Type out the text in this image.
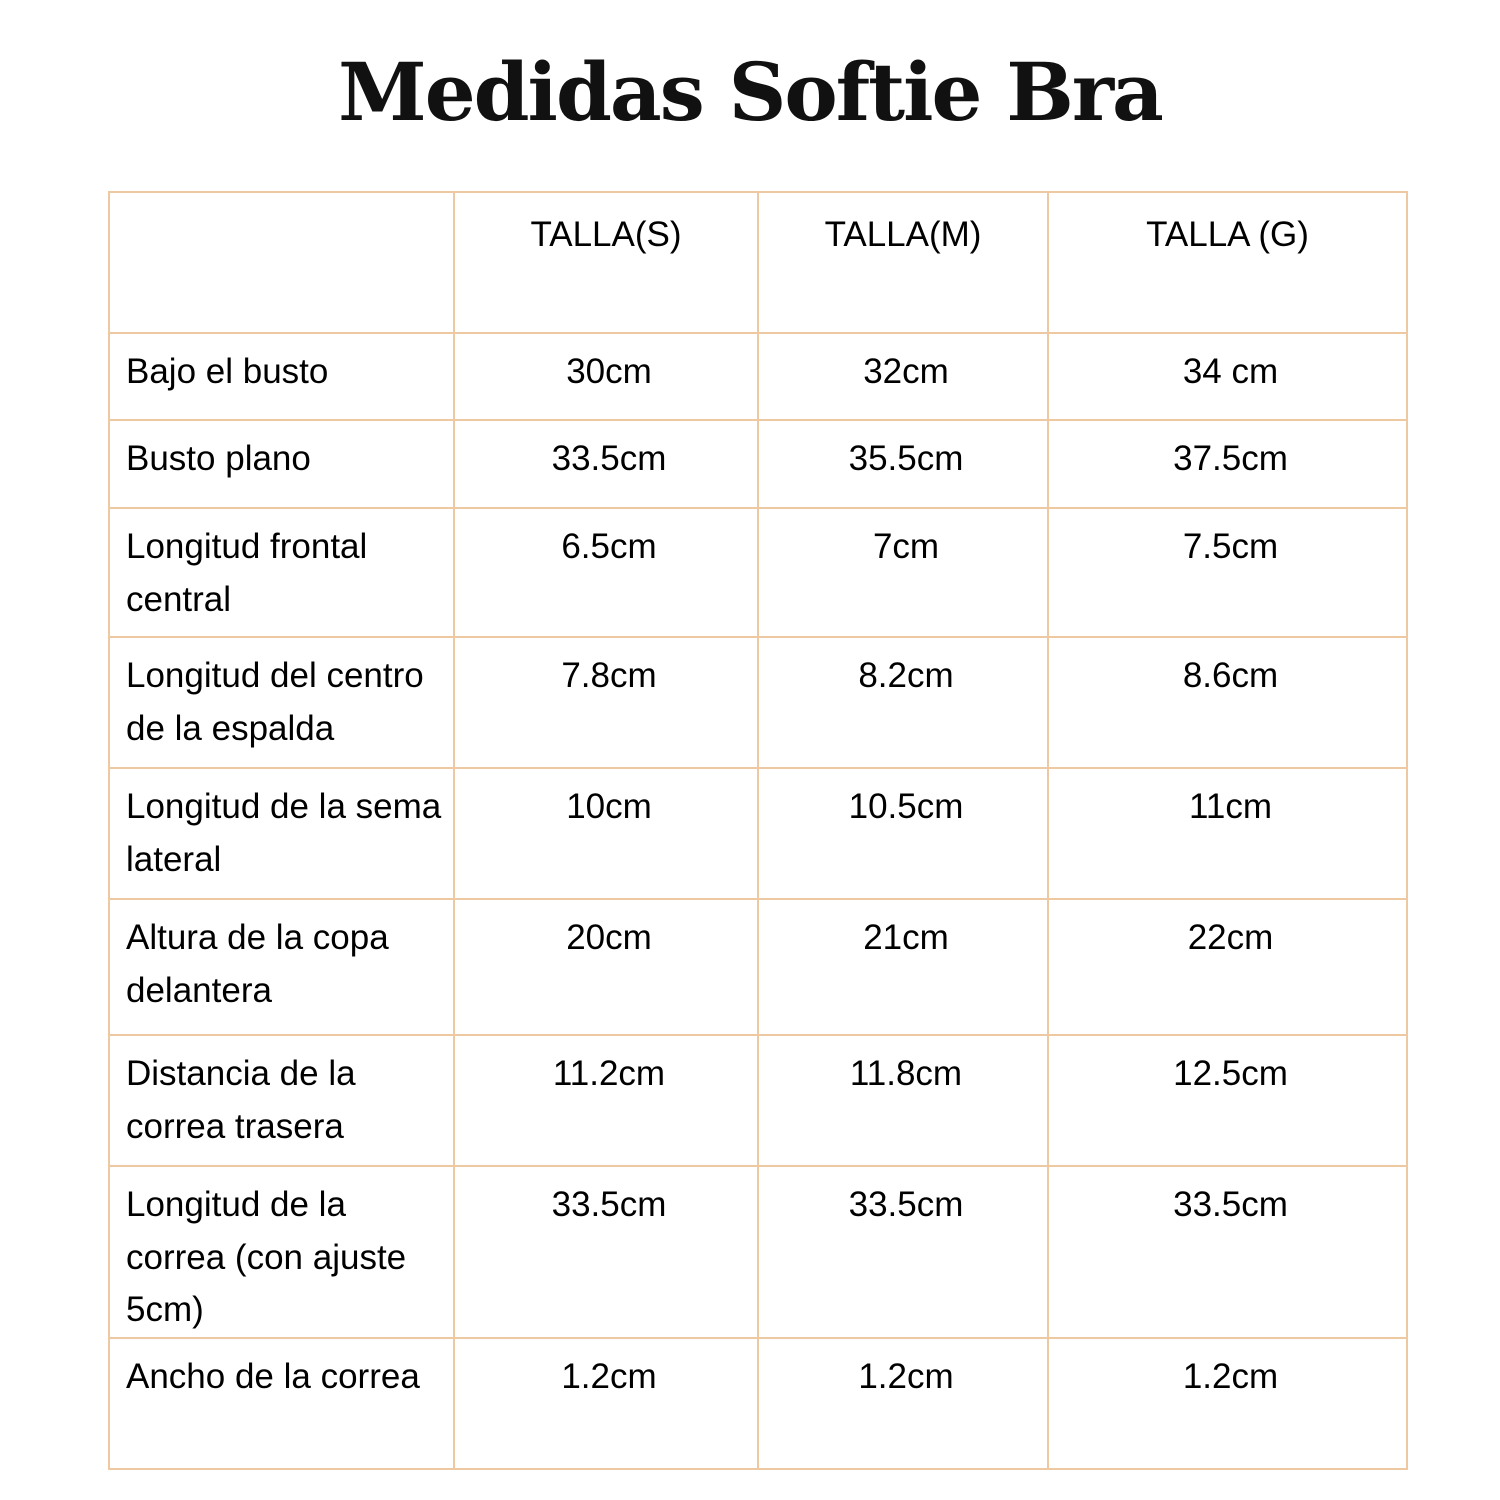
Medidas Softie Bra
	TALLA(S)	TALLA(M)	TALLA (G)
Bajo el busto	30cm	32cm	34 cm
Busto plano	33.5cm	35.5cm	37.5cm
Longitud frontal central	6.5cm	7cm	7.5cm
Longitud del centro de la espalda	7.8cm	8.2cm	8.6cm
Longitud de la sema lateral	10cm	10.5cm	11cm
Altura de la copa delantera	20cm	21cm	22cm
Distancia de la correa trasera	11.2cm	11.8cm	12.5cm
Longitud de la correa (con ajuste 5cm)	33.5cm	33.5cm	33.5cm
Ancho de la correa	1.2cm	1.2cm	1.2cm
